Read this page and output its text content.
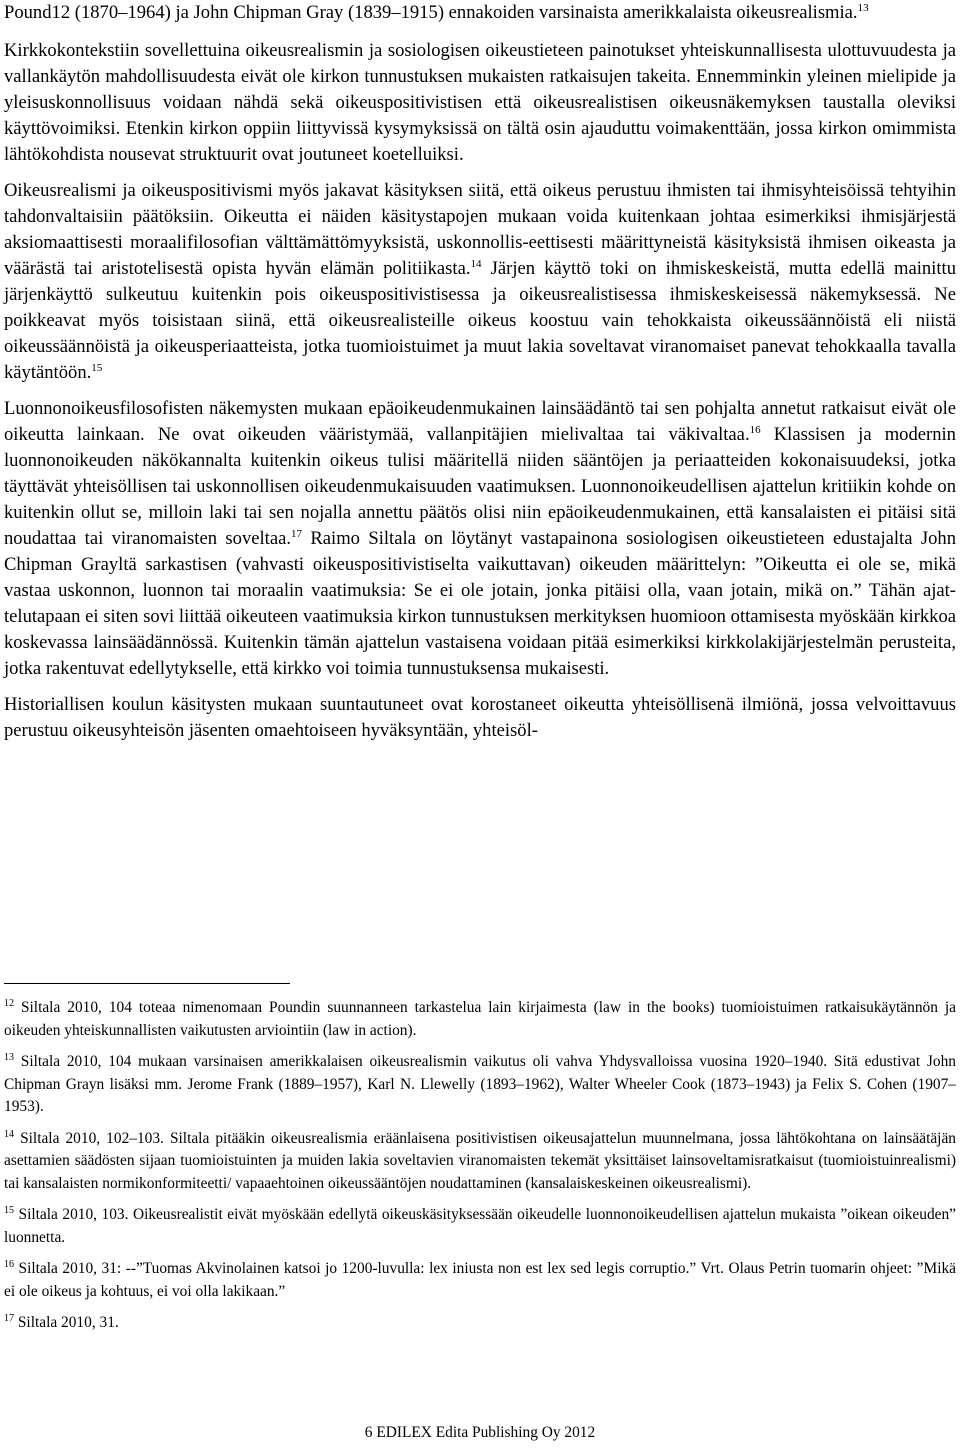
Pound12 (1870–1964) ja John Chipman Gray (1839–1915) ennakoiden varsinaista amerikkalaista oikeusrealismia.$^{13}$

Kirkkokontekstiin sovellettuina oikeusrealismin ja sosiologisen oikeustieteen painotukset yhteiskunnallisesta ulottuvuudesta ja vallankäytön mahdollisuudesta eivät ole kirkon tunnustuksen mukaisten ratkaisujen takeita. Ennemminkin yleinen mielipide ja yleisuskonnollisuus voidaan nähdä sekä oikeuspositivistisen että oikeusrealistisen oikeusnäkemyksen taustalla oleviksi käyttövoimiksi. Etenkin kirkon oppiin liittyvissä kysymyksissä on tältä osin ajauduttu voimakenttään, jossa kirkon omimmista lähtökohdista nousevat struktuurit ovat joutuneet koetelluiksi.

Oikeusrealismi ja oikeuspositivismi myös jakavat käsityksen siitä, että oikeus perustuu ihmisten tai ihmisyhteisöissä tehtyihin tahdonvaltaisiin päätöksiin. Oikeutta ei näiden käsitystapojen mukaan voida kuitenkaan johtaa esimerkiksi ihmisjärjestä aksiomaattisesti moraalifilosofian välttämättömyyksistä, uskonnollis-eettisesti määrittyneistä käsityksistä ihmisen oikeasta ja väärästä tai aristotelisestä opista hyvän elämän politiikasta.$^{14}$ Järjen käyttö toki on ihmiskeskeistä, mutta edellä mainittu järjenkäyttö sulkeutuu kuitenkin pois oikeuspositivistisessa ja oikeusrealistisessa ihmiskeskeisessä näkemyksessä. Ne poikkeavat myös toisistaan siinä, että oikeusrealisteille oikeus koostuu vain tehokkaista oikeussäännöistä eli niistä oikeussäännöistä ja oikeusperiaatteista, jotka tuomioistuimet ja muut lakia soveltavat viranomaiset panevat tehokkaalla tavalla käytäntöön.$^{15}$

Luonnonoikeusfilosofisten näkemysten mukaan epäoikeudenmukainen lainsäädäntö tai sen pohjalta annetut ratkaisut eivät ole oikeutta lainkaan. Ne ovat oikeuden vääristymää, vallanpitäjien mielivaltaa tai väkivaltaa.$^{16}$ Klassisen ja modernin luonnonoikeuden näkökannalta kuitenkin oikeus tulisi määritellä niiden sääntöjen ja periaatteiden kokonaisuudeksi, jotka täyttävät yhteisöllisen tai uskonnollisen oikeudenmukaisuuden vaatimuksen. Luonnonoikeudellisen ajattelun kritiikin kohde on kuitenkin ollut se, milloin laki tai sen nojalla annettu päätös olisi niin epäoikeudenmukainen, että kansalaisten ei pitäisi sitä noudattaa tai viranomaisten soveltaa.$^{17}$ Raimo Siltala on löytänyt vastapainona sosiologisen oikeustieteen edustajalta John Chipman Grayltä sarkastisen (vahvasti oikeuspositivistiselta vaikuttavan) oikeuden määrittelyn: ”Oikeutta ei ole se, mikä vastaa uskonnon, luonnon tai moraalin vaatimuksia: Se ei ole jotain, jonka pitäisi olla, vaan jotain, mikä on.” Tähän ajattelutapaan ei siten sovi liittää oikeuteen vaatimuksia kirkon tunnustuksen merkityksen huomioon ottamisesta myöskään kirkkoa koskevassa lainsäädännössä. Kuitenkin tämän ajattelun vastaisena voidaan pitää esimerkiksi kirkkolakijärjestelmän perusteita, jotka rakentuvat edellytykselle, että kirkko voi toimia tunnustuksensa mukaisesti.

Historiallisen koulun käsitysten mukaan suuntautuneet ovat korostaneet oikeutta yhteisöllisenä ilmiönä, jossa velvoittavuus perustuu oikeusyhteisön jäsenten omaehtoiseen hyväksyntään, yhteisöl-

$^{12}$ Siltala 2010, 104 toteaa nimenomaan Poundin suunnanneen tarkastelua lain kirjaimesta (law in the books) tuomioistuimen ratkaisukäytännön ja oikeuden yhteiskunnallisten vaikutusten arviointiin (law in action).

$^{13}$ Siltala 2010, 104 mukaan varsinaisen amerikkalaisen oikeusrealismin vaikutus oli vahva Yhdysvalloissa vuosina 1920–1940. Sitä edustivat John Chipman Grayn lisäksi mm. Jerome Frank (1889–1957), Karl N. Llewelly (1893–1962), Walter Wheeler Cook (1873–1943) ja Felix S. Cohen (1907–1953).

$^{14}$ Siltala 2010, 102–103. Siltala pitääkin oikeusrealismia eräänlaisena positivistisen oikeusajattelun muunnelmana, jossa lähtökohtana on lainsäätäjän asettamien säädösten sijaan tuomioistuinten ja muiden lakia soveltavien viranomaisten tekemät yksittäiset lainsoveltamisratkaisut (tuomioistuinrealismi) tai kansalaisten normikonformiteetti/ vapaaehtoinen oikeussääntöjen noudattaminen (kansalaiskeskeinen oikeusrealismi).

$^{15}$ Siltala 2010, 103. Oikeusrealistit eivät myöskään edellytä oikeuskäsityksessään oikeudelle luonnonoikeudellisen ajattelun mukaista ”oikean oikeuden” luonnetta.

$^{16}$ Siltala 2010, 31: --”Tuomas Akvinolainen katsoi jo 1200-luvulla: lex iniusta non est lex sed legis corruptio.” Vrt. Olaus Petrin tuomarin ohjeet: ”Mikä ei ole oikeus ja kohtuus, ei voi olla lakikaan.”

$^{17}$ Siltala 2010, 31.

6 EDILEX Edita Publishing Oy 2012
